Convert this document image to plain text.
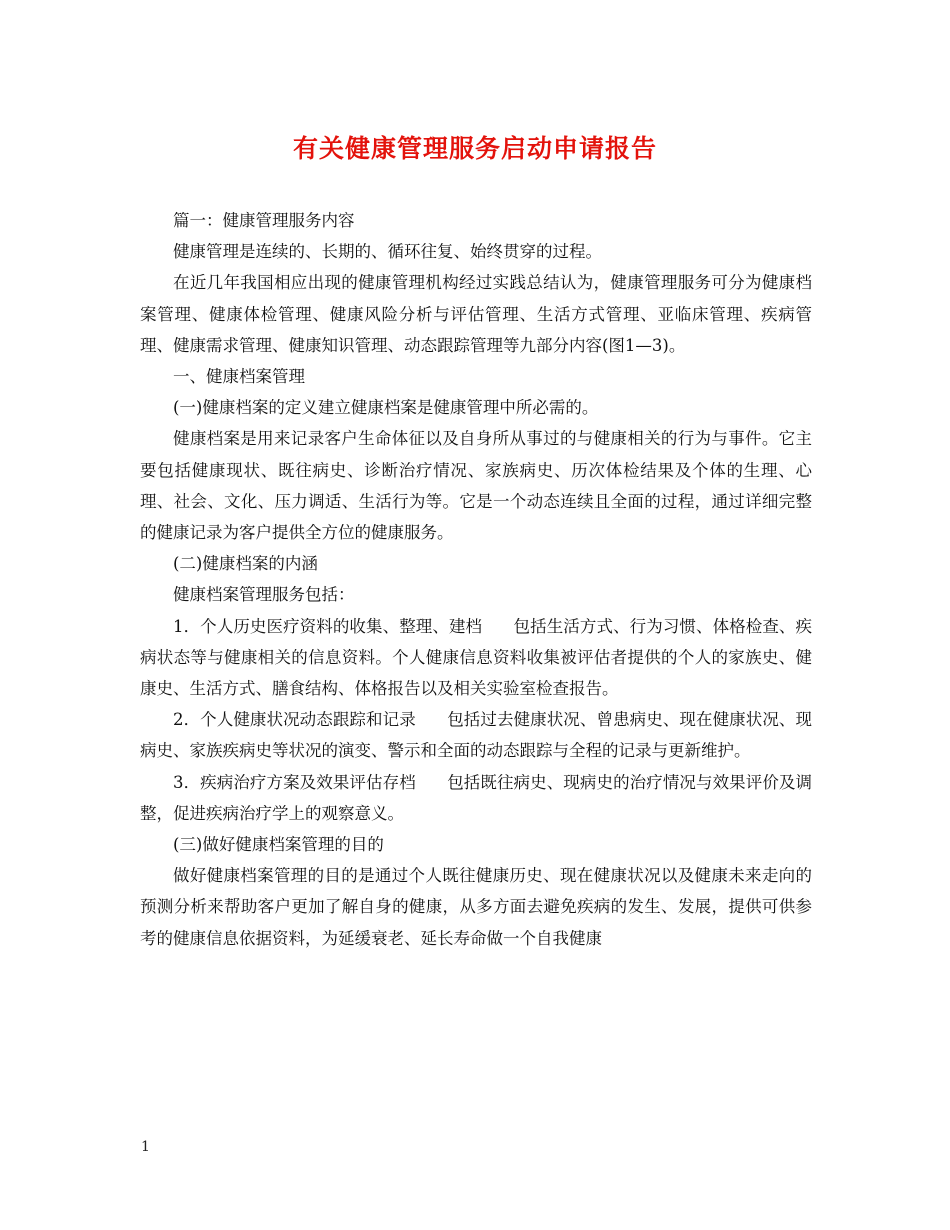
有关健康管理服务启动申请报告

篇一：健康管理服务内容

健康管理是连续的、长期的、循环往复、始终贯穿的过程。

在近几年我国相应出现的健康管理机构经过实践总结认为，健康管理服务可分为健康档案管理、健康体检管理、健康风险分析与评估管理、生活方式管理、亚临床管理、疾病管理、健康需求管理、健康知识管理、动态跟踪管理等九部分内容(图1—3)。

一、健康档案管理

(一)健康档案的定义建立健康档案是健康管理中所必需的。

健康档案是用来记录客户生命体征以及自身所从事过的与健康相关的行为与事件。它主要包括健康现状、既往病史、诊断治疗情况、家族病史、历次体检结果及个体的生理、心理、社会、文化、压力调适、生活行为等。它是一个动态连续且全面的过程，通过详细完整的健康记录为客户提供全方位的健康服务。

(二)健康档案的内涵

健康档案管理服务包括：

1．个人历史医疗资料的收集、整理、建档 包括生活方式、行为习惯、体格检查、疾病状态等与健康相关的信息资料。个人健康信息资料收集被评估者提供的个人的家族史、健康史、生活方式、膳食结构、体格报告以及相关实验室检查报告。

2．个人健康状况动态跟踪和记录 包括过去健康状况、曾患病史、现在健康状况、现病史、家族疾病史等状况的演变、警示和全面的动态跟踪与全程的记录与更新维护。

3．疾病治疗方案及效果评估存档 包括既往病史、现病史的治疗情况与效果评价及调整，促进疾病治疗学上的观察意义。

(三)做好健康档案管理的目的

做好健康档案管理的目的是通过个人既往健康历史、现在健康状况以及健康未来走向的预测分析来帮助客户更加了解自身的健康，从多方面去避免疾病的发生、发展，提供可供参考的健康信息依据资料，为延缓衰老、延长寿命做一个自我健康

1
